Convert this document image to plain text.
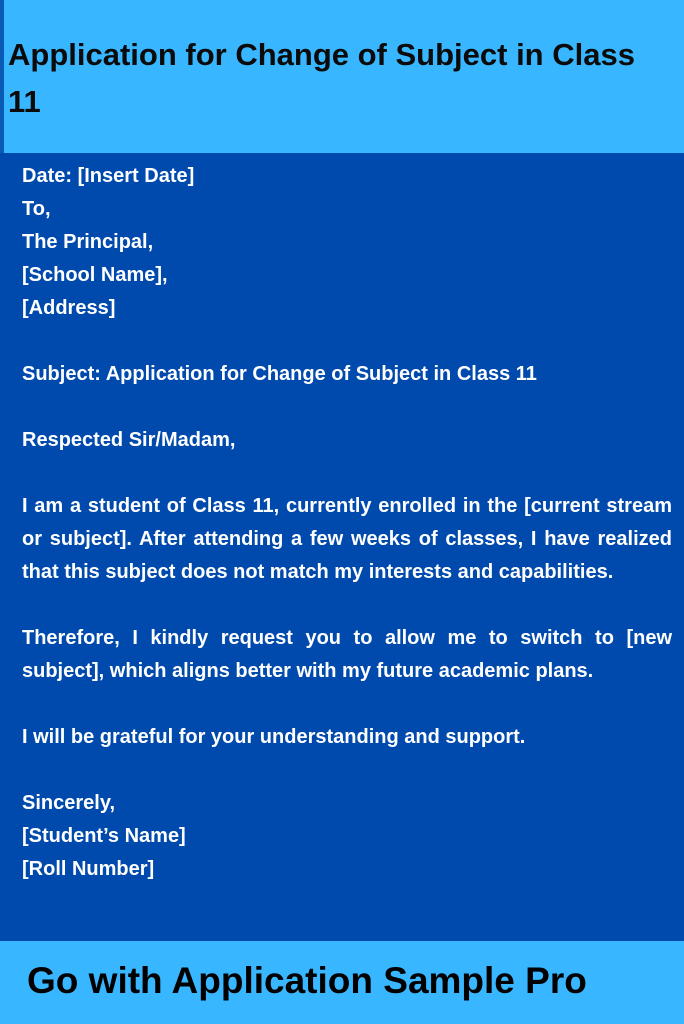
Application for Change of Subject in Class 11
Date: [Insert Date]
To,
The Principal,
[School Name],
[Address]
Subject: Application for Change of Subject in Class 11
Respected Sir/Madam,
I am a student of Class 11, currently enrolled in the [current stream or subject]. After attending a few weeks of classes, I have realized that this subject does not match my interests and capabilities.
Therefore, I kindly request you to allow me to switch to [new subject], which aligns better with my future academic plans.
I will be grateful for your understanding and support.
Sincerely,
[Student’s Name]
[Roll Number]

Go with Application Sample Pro
